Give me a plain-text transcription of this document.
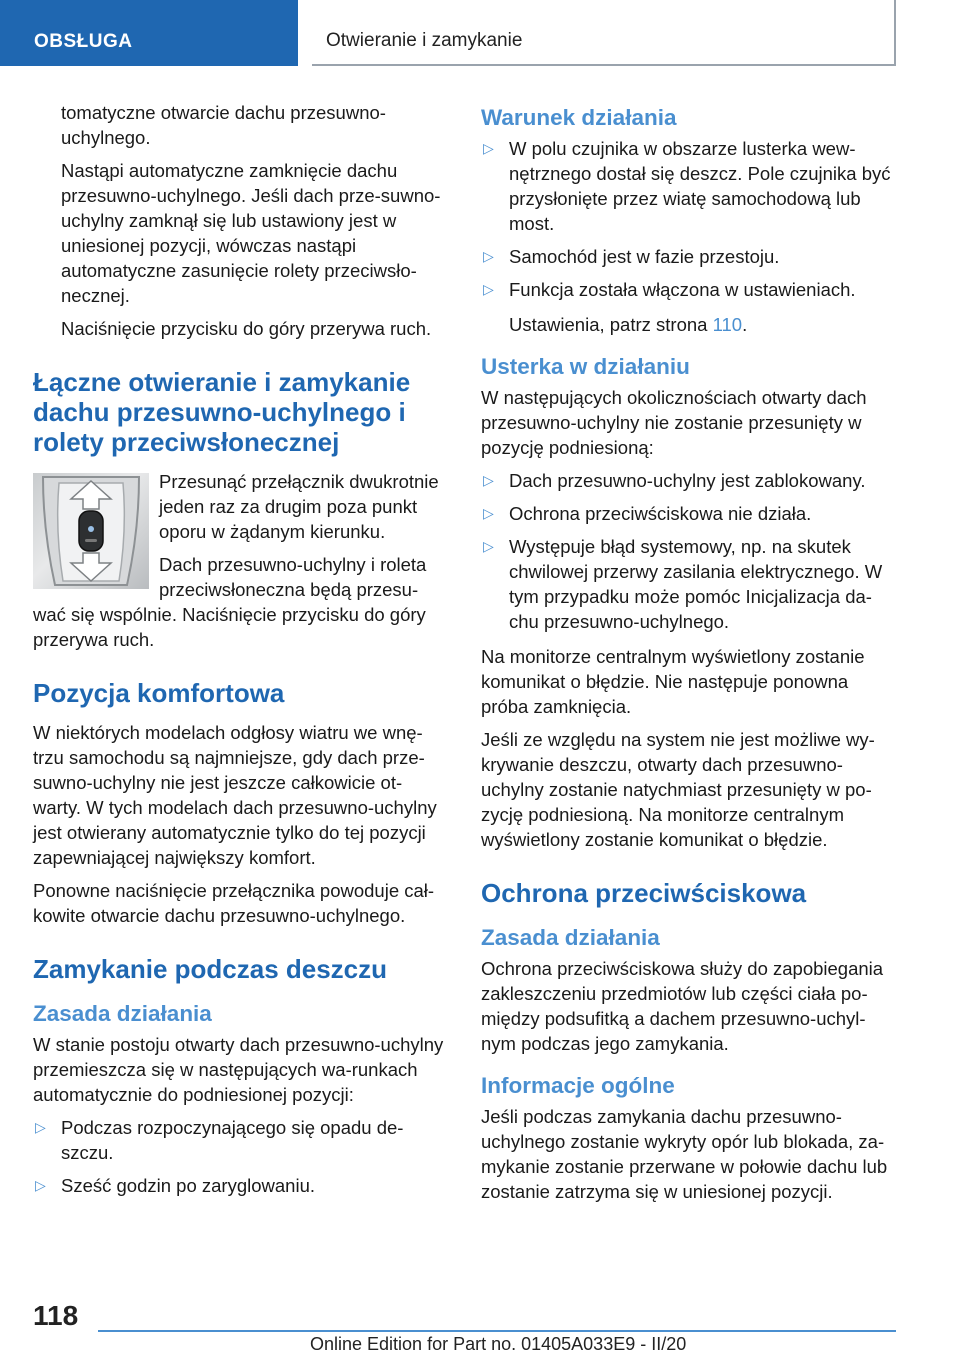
OBSŁUGA	Otwieranie i zamykanie

tomatyczne otwarcie dachu przesuwno-uchylnego.

Nastąpi automatyczne zamknięcie dachu przesuwno-uchylnego. Jeśli dach prze-suwno-uchylny zamknął się lub ustawiony jest w uniesionej pozycji, wówczas nastąpi automatyczne zasunięcie rolety przeciwsło-necznej.

Naciśnięcie przycisku do góry przerywa ruch.

Łączne otwieranie i zamykanie dachu przesuwno-uchylnego i rolety przeciwsłonecznej

Przesunąć przełącznik dwukrotnie jeden raz za drugim poza punkt oporu w żądanym kierunku.

Dach przesuwno-uchylny i roleta przeciwsłoneczna będą przesu-wać się wspólnie. Naciśnięcie przycisku do góry przerywa ruch.

Pozycja komfortowa

W niektórych modelach odgłosy wiatru we wnę-trzu samochodu są najmniejsze, gdy dach prze-suwno-uchylny nie jest jeszcze całkowicie ot-warty. W tych modelach dach przesuwno-uchylny jest otwierany automatycznie tylko do tej pozycji zapewniającej największy komfort.

Ponowne naciśnięcie przełącznika powoduje cał-kowite otwarcie dachu przesuwno-uchylnego.

Zamykanie podczas deszczu
Zasada działania

W stanie postoju otwarty dach przesuwno-uchylny przemieszcza się w następujących wa-runkach automatycznie do podniesionej pozycji:

▷ Podczas rozpoczynającego się opadu de-szczu.
▷ Sześć godzin po zaryglowaniu.
Warunek działania
▷ W polu czujnika w obszarze lusterka wew-nętrznego dostał się deszcz. Pole czujnika być przysłonięte przez wiatę samochodową lub most.
▷ Samochód jest w fazie przestoju.
▷ Funkcja została włączona w ustawieniach.

Ustawienia, patrz strona 110.

Usterka w działaniu

W następujących okolicznościach otwarty dach przesuwno-uchylny nie zostanie przesunięty w pozycję podniesioną:

▷ Dach przesuwno-uchylny jest zablokowany.
▷ Ochrona przeciwściskowa nie działa.
▷ Występuje błąd systemowy, np. na skutek chwilowej przerwy zasilania elektrycznego. W tym przypadku może pomóc Inicjalizacja da-chu przesuwno-uchylnego.

Na monitorze centralnym wyświetlony zostanie komunikat o błędzie. Nie następuje ponowna próba zamknięcia.

Jeśli ze względu na system nie jest możliwe wy-krywanie deszczu, otwarty dach przesuwno-uchylny zostanie natychmiast przesunięty w po-zycję podniesioną. Na monitorze centralnym wyświetlony zostanie komunikat o błędzie.

Ochrona przeciwściskowa
Zasada działania

Ochrona przeciwściskowa służy do zapobiegania zakleszczeniu przedmiotów lub części ciała po-między podsufitką a dachem przesuwno-uchyl-nym podczas jego zamykania.

Informacje ogólne

Jeśli podczas zamykania dachu przesuwno-uchylnego zostanie wykryty opór lub blokada, za-mykanie zostanie przerwane w połowie dachu lub zostanie zatrzyma się w uniesionej pozycji.

118
Online Edition for Part no. 01405A033E9 - II/20
